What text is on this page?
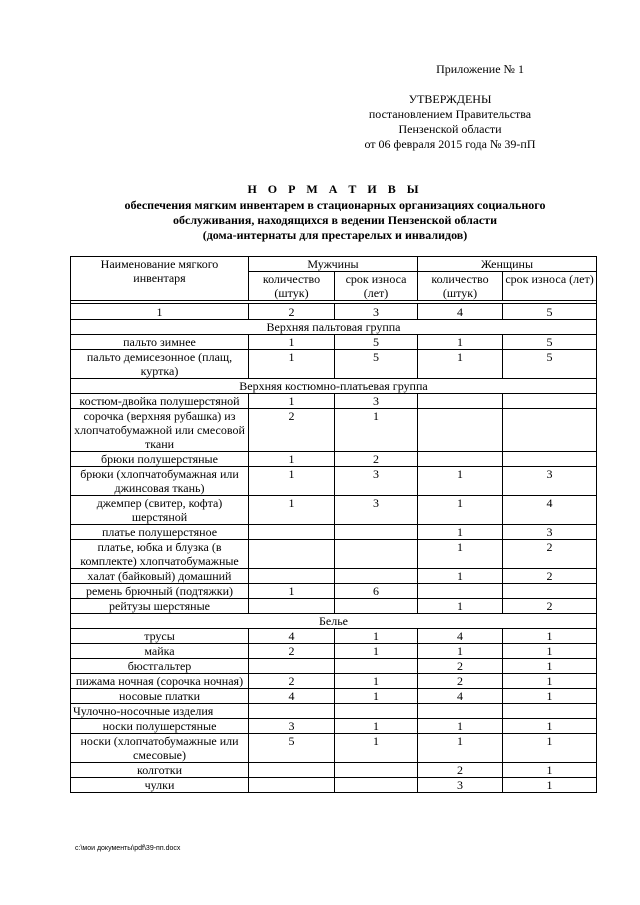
Приложение № 1
УТВЕРЖДЕНЫ
постановлением Правительства
Пензенской области
от 06 февраля 2015 года № 39-пП
Н О Р М А Т И В Ы
обеспечения мягким инвентарем в стационарных организациях социального
обслуживания, находящихся в ведении Пензенской области
(дома-интернаты для престарелых и инвалидов)
Наименование мягкого инвентаря	Мужчины		Женщины	
	количество (штук)	срок износа (лет)	количество (штук)	срок износа (лет)

1	2	3	4	5
Верхняя пальтовая группа				
пальто зимнее	1	5	1	5
пальто демисезонное (плащ, куртка)	1	5	1	5
Верхняя костюмно-платьевая группа				
костюм-двойка полушерстяной	1	3		
сорочка (верхняя рубашка) из хлопчатобумажной или смесовой ткани	2	1		
брюки полушерстяные	1	2		
брюки (хлопчатобумажная или джинсовая ткань)	1	3	1	3
джемпер (свитер, кофта) шерстяной	1	3	1	4
платье полушерстяное			1	3
платье, юбка и блузка (в комплекте) хлопчатобумажные			1	2
халат (байковый) домашний			1	2
ремень брючный (подтяжки)	1	6		
рейтузы шерстяные			1	2
Белье				
трусы	4	1	4	1
майка	2	1	1	1
бюстгальтер			2	1
пижама ночная (сорочка ночная)	2	1	2	1
носовые платки	4	1	4	1
Чулочно-носочные изделия				
носки полушерстяные	3	1	1	1
носки (хлопчатобумажные или смесовые)	5	1	1	1
колготки			2	1
чулки			3	1
c:\мои документы\pdf\39-пп.docx
